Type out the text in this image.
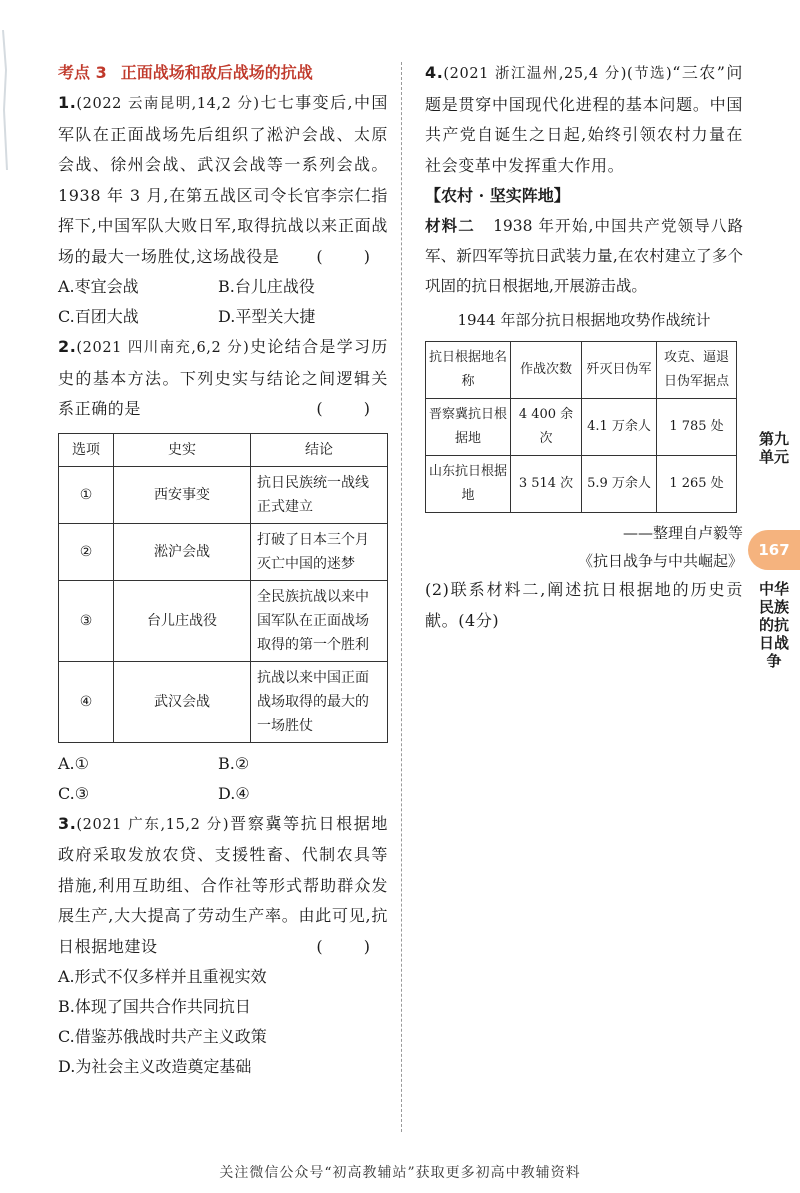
考点 3 正面战场和敌后战场的抗战
1.(2022 云南昆明,14,2 分)七七事变后,中国军队在正面战场先后组织了淞沪会战、太原会战、徐州会战、武汉会战等一系列会战。1938 年 3 月,在第五战区司令长官李宗仁指挥下,中国军队大败日军,取得抗战以来正面战场的最大一场胜仗,这场战役是 ( )
A.枣宜会战	B.台儿庄战役
C.百团大战	D.平型关大捷
2.(2021 四川南充,6,2 分)史论结合是学习历史的基本方法。下列史实与结论之间逻辑关系正确的是	( )
选项	史实	结论
①	西安事变	抗日民族统一战线正式建立
②	淞沪会战	打破了日本三个月灭亡中国的迷梦
③	台儿庄战役	全民族抗战以来中国军队在正面战场取得的第一个胜利
④	武汉会战	抗战以来中国正面战场取得的最大的一场胜仗
A.①	B.②
C.③	D.④
3.(2021 广东,15,2 分)晋察冀等抗日根据地政府采取发放农贷、支援牲畜、代制农具等措施,利用互助组、合作社等形式帮助群众发展生产,大大提高了劳动生产率。由此可见,抗日根据地建设	( )
A.形式不仅多样并且重视实效
B.体现了国共合作共同抗日
C.借鉴苏俄战时共产主义政策
D.为社会主义改造奠定基础
4.(2021 浙江温州,25,4 分)(节选)“三农”问题是贯穿中国现代化进程的基本问题。中国共产党自诞生之日起,始终引领农村力量在社会变革中发挥重大作用。
【农村 · 坚实阵地】
材料二 1938 年开始,中国共产党领导八路军、新四军等抗日武装力量,在农村建立了多个巩固的抗日根据地,开展游击战。
1944 年部分抗日根据地攻势作战统计
抗日根据地名称	作战次数	歼灭日伪军	攻克、逼退日伪军据点
晋察冀抗日根据地	4 400 余次	4.1 万余人	1 785 处
山东抗日根据地	3 514 次	5.9 万余人	1 265 处
——整理自卢毅等
《抗日战争与中共崛起》
(2)联系材料二,阐述抗日根据地的历史贡献。(4分)
第九单元
167
中华民族的抗日战争
关注微信公众号“初高教辅站”获取更多初高中教辅资料
